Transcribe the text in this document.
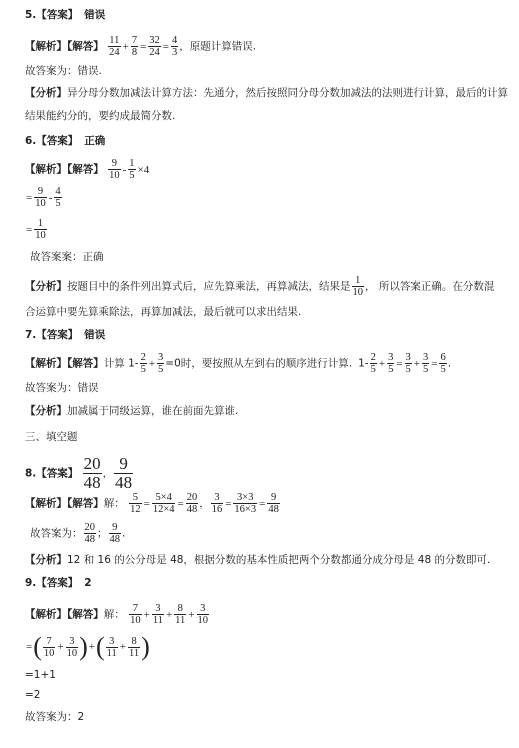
5.【答案】 错误
【解析】【解答】 $\frac{11}{24} + \frac{7}{8} = \frac{32}{24} = \frac{4}{3}$ ，原题计算错误.
故答案为：错误.
【分析】异分母分数加减法计算方法：先通分，然后按照同分母分数加减法的法则进行计算，最后的计算
结果能约分的，要约成最简分数.
6.【答案】 正确
【解析】【解答】 $\frac{9}{10} - \frac{1}{5} \times 4$
= $\frac{9}{10} - \frac{4}{5}$
= $\frac{1}{10}$
故答案案：正确
【分析】按题目中的条件列出算式后，应先算乘法，再算减法，结果是 $\frac{1}{10}$ ， 所以答案正确。在分数混
合运算中要先算乘除法，再算加减法，最后就可以求出结果.
7.【答案】 错误
【解析】【解答】计算 $1- \frac{2}{5} + \frac{3}{5} =0$时，要按照从左到右的顺序进行计算. $1- \frac{2}{5} + \frac{3}{5} = \frac{3}{5} + \frac{3}{5} = \frac{6}{5}$ .
故答案为：错误
【分析】加减属于同级运算，谁在前面先算谁.
三、填空题
8.【答案】 $\frac{20}{48}$ ， $\frac{9}{48}$
【解析】【解答】解： $\frac{5}{12} = \frac{5\times 4}{12\times 4} = \frac{20}{48}$ ， $\frac{3}{16} = \frac{3\times 3}{16\times 3} = \frac{9}{48}$
故答案为： $\frac{20}{48}$ ； $\frac{9}{48}$ .
【分析】12 和 16 的公分母是 48，根据分数的基本性质把两个分数都通分成分母是 48 的分数即可.
9.【答案】 2
【解析】【解答】解： $\frac{7}{10} + \frac{3}{11} + \frac{8}{11} + \frac{3}{10}$
=( $\frac{7}{10} + \frac{3}{10}$ )+( $\frac{3}{11} + \frac{8}{11}$ )
=1+1
=2
故答案为：2
